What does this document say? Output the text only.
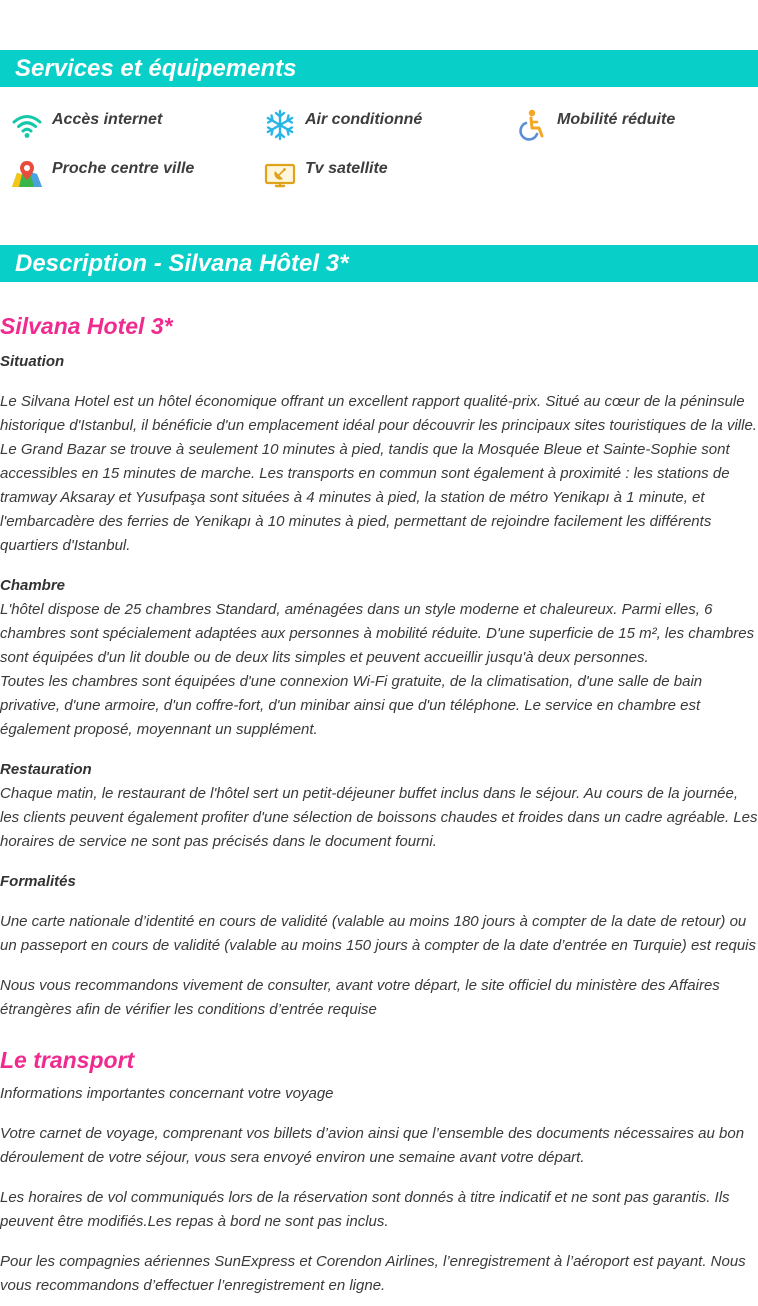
Services et équipements
Accès internet	Air conditionné	Mobilité réduite
Proche centre ville	Tv satellite
Description - Silvana Hôtel 3*
Silvana Hotel 3*

Situation

Le Silvana Hotel est un hôtel économique offrant un excellent rapport qualité-prix. Situé au cœur de la péninsule historique d'Istanbul, il bénéficie d'un emplacement idéal pour découvrir les principaux sites touristiques de la ville. Le Grand Bazar se trouve à seulement 10 minutes à pied, tandis que la Mosquée Bleue et Sainte-Sophie sont accessibles en 15 minutes de marche. Les transports en commun sont également à proximité : les stations de tramway Aksaray et Yusufpaşa sont situées à 4 minutes à pied, la station de métro Yenikapı à 1 minute, et l'embarcadère des ferries de Yenikapı à 10 minutes à pied, permettant de rejoindre facilement les différents quartiers d'Istanbul.

Chambre

L'hôtel dispose de 25 chambres Standard, aménagées dans un style moderne et chaleureux. Parmi elles, 6 chambres sont spécialement adaptées aux personnes à mobilité réduite. D'une superficie de 15 m², les chambres sont équipées d'un lit double ou de deux lits simples et peuvent accueillir jusqu'à deux personnes.

Toutes les chambres sont équipées d'une connexion Wi-Fi gratuite, de la climatisation, d'une salle de bain privative, d'une armoire, d'un coffre-fort, d'un minibar ainsi que d'un téléphone. Le service en chambre est également proposé, moyennant un supplément.

Restauration

Chaque matin, le restaurant de l'hôtel sert un petit-déjeuner buffet inclus dans le séjour. Au cours de la journée, les clients peuvent également profiter d'une sélection de boissons chaudes et froides dans un cadre agréable. Les horaires de service ne sont pas précisés dans le document fourni.

Formalités

Une carte nationale d’identité en cours de validité (valable au moins 180 jours à compter de la date de retour) ou un passeport en cours de validité (valable au moins 150 jours à compter de la date d’entrée en Turquie) est requis

Nous vous recommandons vivement de consulter, avant votre départ, le site officiel du ministère des Affaires étrangères afin de vérifier les conditions d’entrée requise

Le transport

Informations importantes concernant votre voyage

Votre carnet de voyage, comprenant vos billets d’avion ainsi que l’ensemble des documents nécessaires au bon déroulement de votre séjour, vous sera envoyé environ une semaine avant votre départ.

Les horaires de vol communiqués lors de la réservation sont donnés à titre indicatif et ne sont pas garantis. Ils peuvent être modifiés.Les repas à bord ne sont pas inclus.

Pour les compagnies aériennes SunExpress et Corendon Airlines, l’enregistrement à l’aéroport est payant. Nous vous recommandons d’effectuer l’enregistrement en ligne.
